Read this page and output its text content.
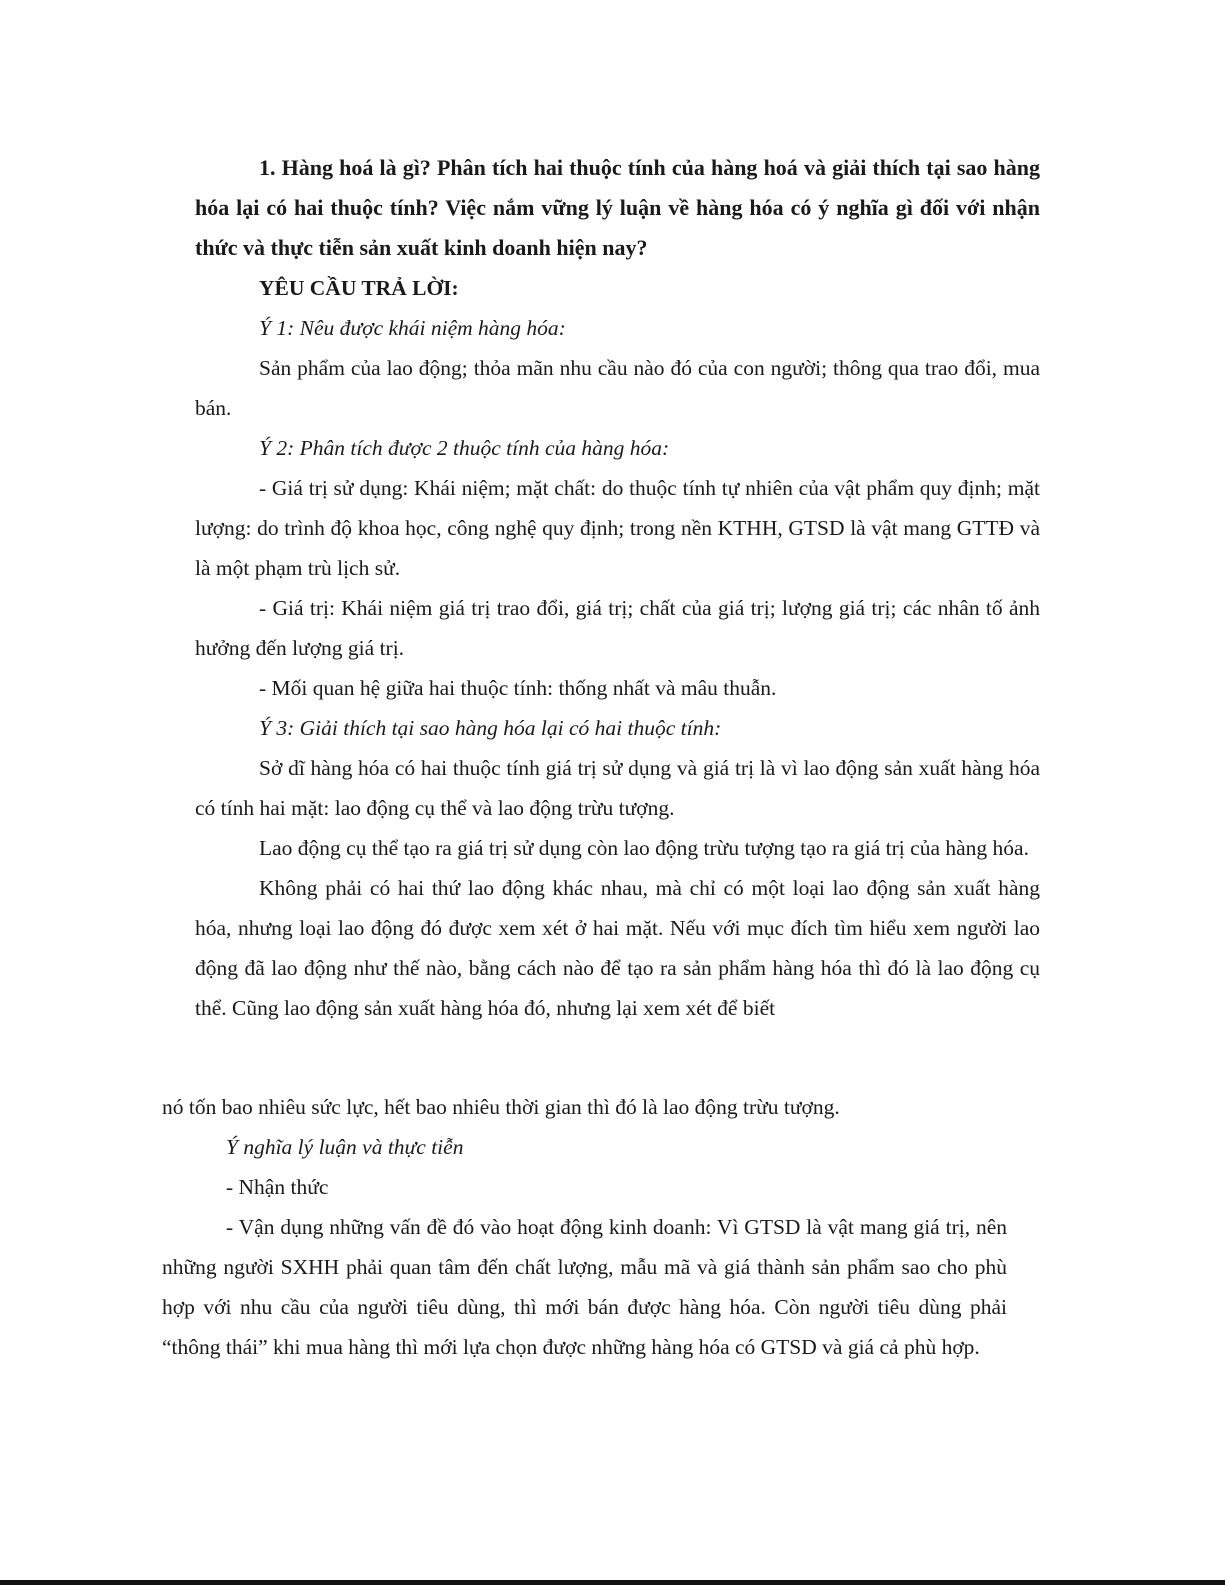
1. Hàng hoá là gì? Phân tích hai thuộc tính của hàng hoá và giải thích tại sao hàng hóa lại có hai thuộc tính? Việc nắm vững lý luận về hàng hóa có ý nghĩa gì đối với nhận thức và thực tiễn sản xuất kinh doanh hiện nay?

YÊU CẦU TRẢ LỜI:

Ý 1: Nêu được khái niệm hàng hóa:

Sản phẩm của lao động; thỏa mãn nhu cầu nào đó của con người; thông qua trao đổi, mua bán.

Ý 2: Phân tích được 2 thuộc tính của hàng hóa:

- Giá trị sử dụng: Khái niệm; mặt chất: do thuộc tính tự nhiên của vật phẩm quy định; mặt lượng: do trình độ khoa học, công nghệ quy định; trong nền KTHH, GTSD là vật mang GTTĐ và là một phạm trù lịch sử.

- Giá trị: Khái niệm giá trị trao đổi, giá trị; chất của giá trị; lượng giá trị; các nhân tố ảnh hưởng đến lượng giá trị.

- Mối quan hệ giữa hai thuộc tính: thống nhất và mâu thuẫn.

Ý 3: Giải thích tại sao hàng hóa lại có hai thuộc tính:

Sở dĩ hàng hóa có hai thuộc tính giá trị sử dụng và giá trị là vì lao động sản xuất hàng hóa có tính hai mặt: lao động cụ thể và lao động trừu tượng.

Lao động cụ thể tạo ra giá trị sử dụng còn lao động trừu tượng tạo ra giá trị của hàng hóa.

Không phải có hai thứ lao động khác nhau, mà chỉ có một loại lao động sản xuất hàng hóa, nhưng loại lao động đó được xem xét ở hai mặt. Nếu với mục đích tìm hiểu xem người lao động đã lao động như thế nào, bằng cách nào để tạo ra sản phẩm hàng hóa thì đó là lao động cụ thể. Cũng lao động sản xuất hàng hóa đó, nhưng lại xem xét để biết

nó tốn bao nhiêu sức lực, hết bao nhiêu thời gian thì đó là lao động trừu tượng.

Ý nghĩa lý luận và thực tiễn

- Nhận thức

- Vận dụng những vấn đề đó vào hoạt động kinh doanh: Vì GTSD là vật mang giá trị, nên những người SXHH phải quan tâm đến chất lượng, mẫu mã và giá thành sản phẩm sao cho phù hợp với nhu cầu của người tiêu dùng, thì mới bán được hàng hóa. Còn người tiêu dùng phải “thông thái” khi mua hàng thì mới lựa chọn được những hàng hóa có GTSD và giá cả phù hợp.
